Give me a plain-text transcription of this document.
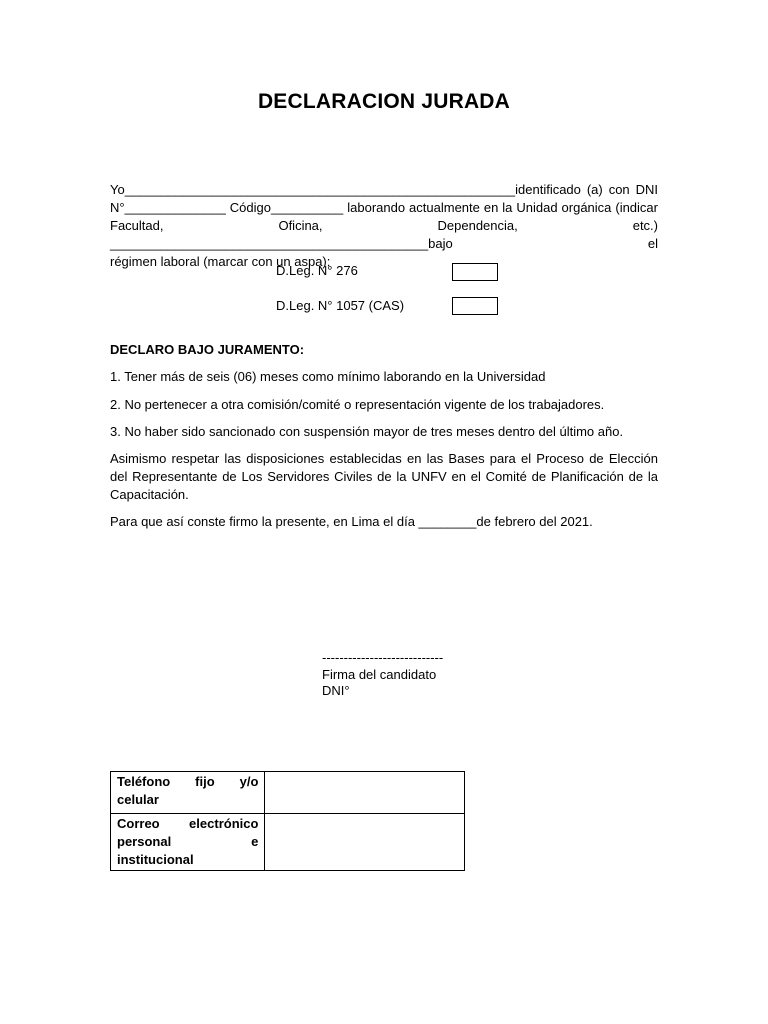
DECLARACION JURADA
Yo______________________________________________________identificado (a) con DNI
N°______________ Código__________ laborando actualmente en la Unidad orgánica (indicar
Facultad, Oficina, Dependencia, etc.) ____________________________________________bajo el
régimen laboral (marcar con un aspa):
D.Leg. N° 276
D.Leg. N° 1057 (CAS)
DECLARO BAJO JURAMENTO:
1. Tener más de seis (06) meses como mínimo laborando en la Universidad
2. No pertenecer a otra comisión/comité o representación vigente de los trabajadores.
3. No haber sido sancionado con suspensión mayor de tres meses dentro del último año.
Asimismo respetar las disposiciones establecidas en las Bases para el Proceso de Elección del Representante de Los Servidores Civiles de la UNFV en el Comité de Planificación de la Capacitación.
Para que así conste firmo la presente, en Lima el día ________de febrero del 2021.
----------------------------
Firma del candidato
DNI°
Teléfono fijo y/o celular	
Correo electrónico personal e institucional	
